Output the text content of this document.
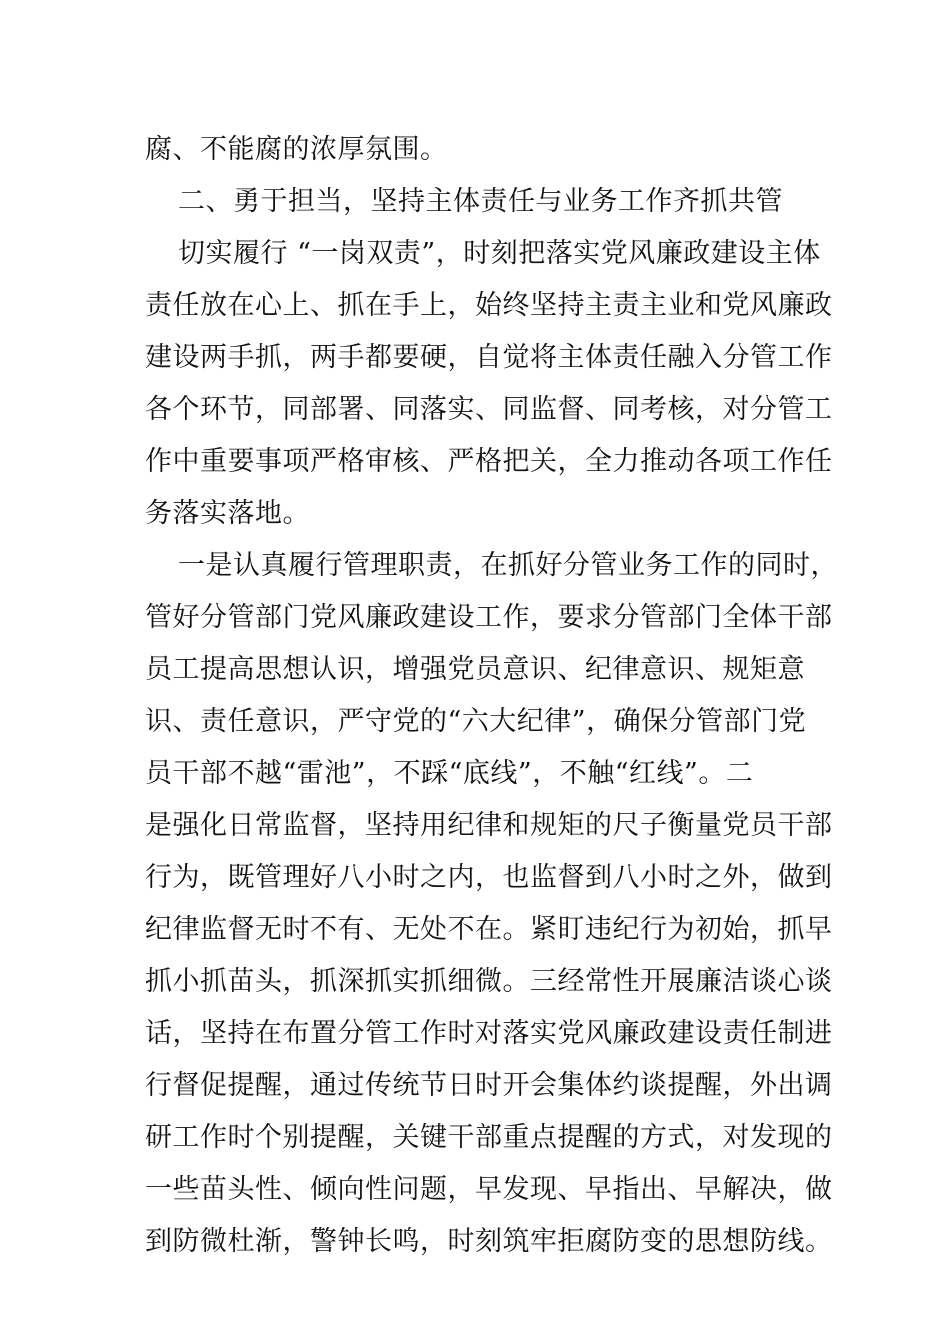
腐、不能腐的浓厚氛围。
二、勇于担当，坚持主体责任与业务工作齐抓共管
切实履行 “一岗双责”，时刻把落实党风廉政建设主体
责任放在心上、抓在手上，始终坚持主责主业和党风廉政
建设两手抓，两手都要硬，自觉将主体责任融入分管工作
各个环节，同部署、同落实、同监督、同考核，对分管工
作中重要事项严格审核、严格把关，全力推动各项工作任
务落实落地。
一是认真履行管理职责，在抓好分管业务工作的同时，
管好分管部门党风廉政建设工作，要求分管部门全体干部
员工提高思想认识，增强党员意识、纪律意识、规矩意
识、责任意识，严守党的“六大纪律”，确保分管部门党
员干部不越“雷池”，不踩“底线”，不触“红线”。二
是强化日常监督，坚持用纪律和规矩的尺子衡量党员干部
行为，既管理好八小时之内，也监督到八小时之外，做到
纪律监督无时不有、无处不在。紧盯违纪行为初始，抓早
抓小抓苗头，抓深抓实抓细微。三经常性开展廉洁谈心谈
话，坚持在布置分管工作时对落实党风廉政建设责任制进
行督促提醒，通过传统节日时开会集体约谈提醒，外出调
研工作时个别提醒，关键干部重点提醒的方式，对发现的
一些苗头性、倾向性问题，早发现、早指出、早解决，做
到防微杜渐，警钟长鸣，时刻筑牢拒腐防变的思想防线。
